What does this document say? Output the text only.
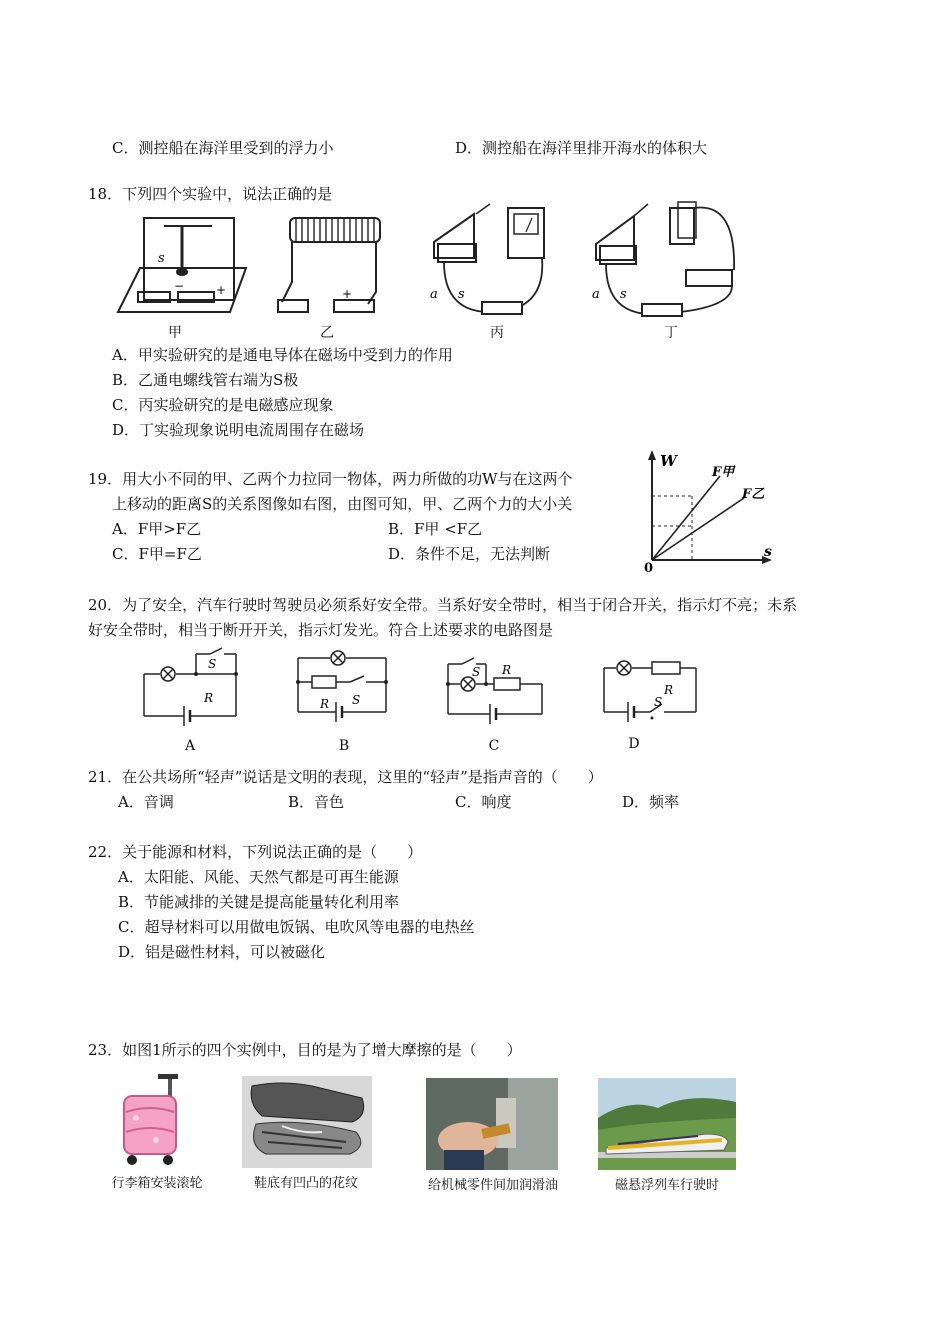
C．测控船在海洋里受到的浮力小	D．测控船在海洋里排开海水的体积大
18．下列四个实验中，说法正确的是
s
+
−
甲
+
乙
a s
丙
a s
丁
A．甲实验研究的是通电导体在磁场中受到力的作用
B．乙通电螺线管右端为S极
C．丙实验研究的是电磁感应现象
D．丁实验现象说明电流周围存在磁场
19．用大小不同的甲、乙两个力拉同一物体，两力所做的功W与在这两个
上移动的距离S的关系图像如右图，由图可知，甲、乙两个力的大小关
A．F甲>F乙	B．F甲 <F乙
C．F甲=F乙	D．条件不足，无法判断
W
s
0
F甲
F乙
20．为了安全，汽车行驶时驾驶员必须系好安全带。当系好安全带时，相当于闭合开关，指示灯不亮；未系
好安全带时，相当于断开开关，指示灯发光。符合上述要求的电路图是
S
R
A
S
R
B
S R
C
R
S
D
21．在公共场所“轻声”说话是文明的表现，这里的“轻声”是指声音的（　　）
A．音调	B．音色	C．响度	D．频率
22．关于能源和材料，下列说法正确的是（　　）
A．太阳能、风能、天然气都是可再生能源
B．节能减排的关键是提高能量转化利用率
C．超导材料可以用做电饭锅、电吹风等电器的电热丝
D．铝是磁性材料，可以被磁化
23．如图1所示的四个实例中，目的是为了增大摩擦的是（　　）
行李箱安装滚轮	鞋底有凹凸的花纹	给机械零件间加润滑油	磁悬浮列车行驶时
